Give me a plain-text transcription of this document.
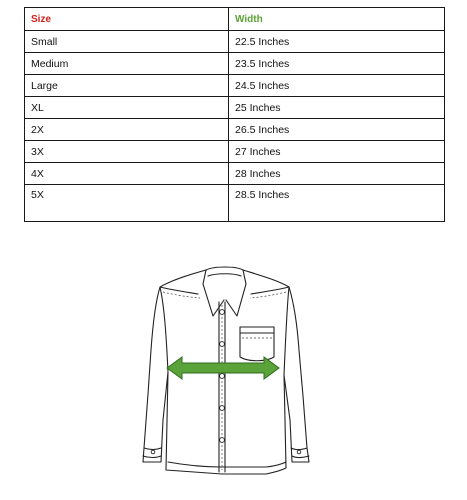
Size	Width
Small	22.5 Inches
Medium	23.5 Inches
Large	24.5 Inches
XL	25 Inches
2X	26.5 Inches
3X	27 Inches
4X	28 Inches
5X	28.5 Inches
